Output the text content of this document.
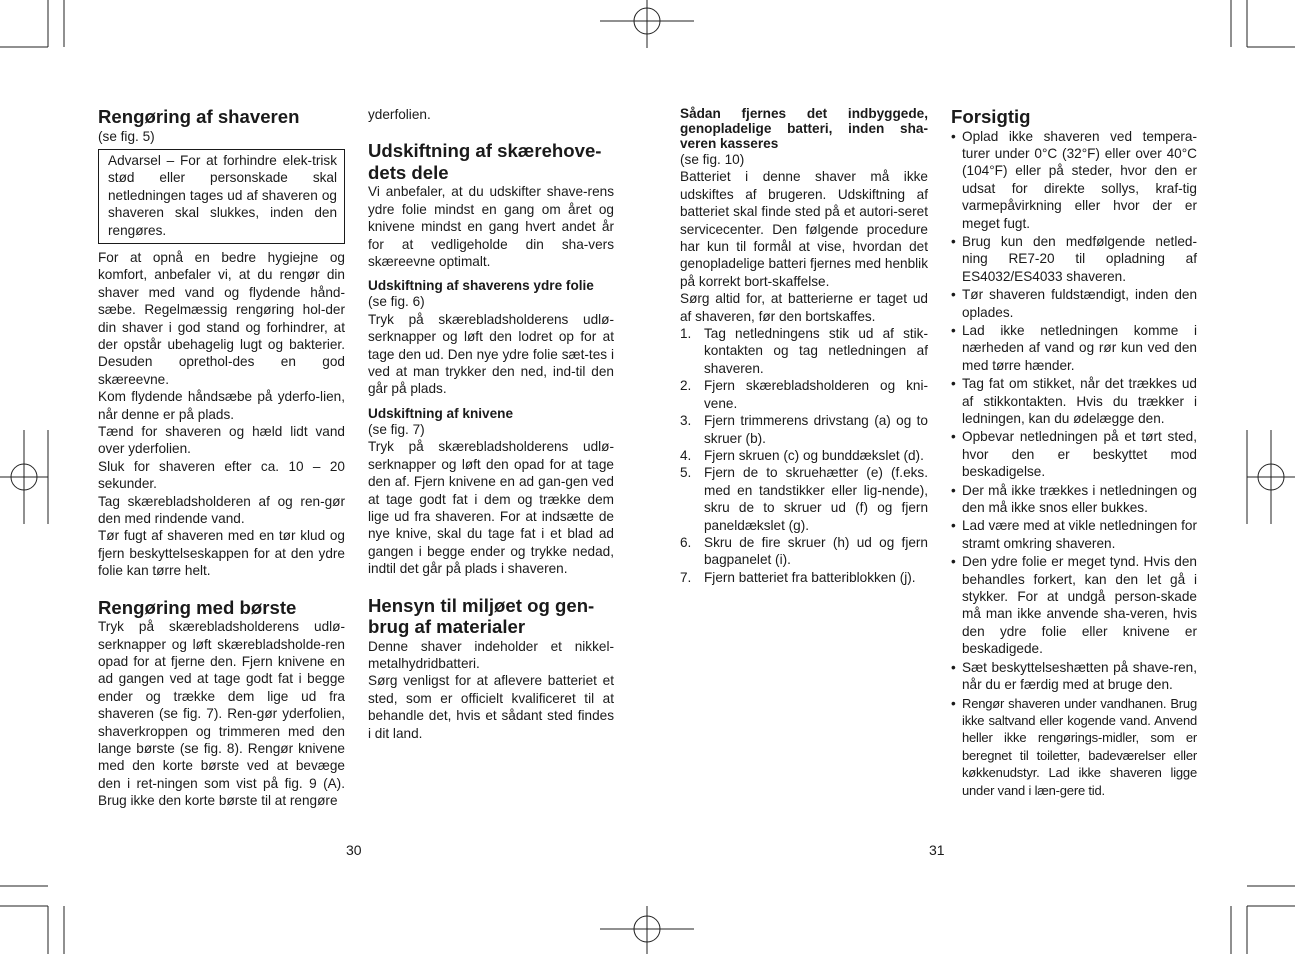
Rengøring af shaveren

(se fig. 5)

Advarsel – For at forhindre elek-trisk stød eller personskade skal netledningen tages ud af shaveren og shaveren skal slukkes, inden den rengøres.

For at opnå en bedre hygiejne og komfort, anbefaler vi, at du rengør din shaver med vand og flydende hånd-sæbe. Regelmæssig rengøring hol-der din shaver i god stand og forhindrer, at der opstår ubehagelig lugt og bakterier. Desuden oprethol-des en god skæreevne.

Kom flydende håndsæbe på yderfo-lien, når denne er på plads.

Tænd for shaveren og hæld lidt vand over yderfolien.

Sluk for shaveren efter ca. 10 – 20 sekunder.

Tag skærebladsholderen af og ren-gør den med rindende vand.

Tør fugt af shaveren med en tør klud og fjern beskyttelseskappen for at den ydre folie kan tørre helt.

Rengøring med børste

Tryk på skærebladsholderens udlø-serknapper og løft skærebladsholde-ren opad for at fjerne den. Fjern knivene en ad gangen ved at tage godt fat i begge ender og trække dem lige ud fra shaveren (se fig. 7). Ren-gør yderfolien, shaverkroppen og trimmeren med den lange børste (se fig. 8). Rengør knivene med den korte børste ved at bevæge den i ret-ningen som vist på fig. 9 (A). Brug ikke den korte børste til at rengøre

yderfolien.

Udskiftning af skærehove-dets dele

Vi anbefaler, at du udskifter shave-rens ydre folie mindst en gang om året og knivene mindst en gang hvert andet år for at vedligeholde din sha-vers skæreevne optimalt.

Udskiftning af shaverens ydre folie

(se fig. 6)

Tryk på skærebladsholderens udlø-serknapper og løft den lodret op for at tage den ud. Den nye ydre folie sæt-tes i ved at man trykker den ned, ind-til den går på plads.

Udskiftning af knivene

(se fig. 7)

Tryk på skærebladsholderens udlø-serknapper og løft den opad for at tage den af. Fjern knivene en ad gan-gen ved at tage godt fat i dem og trække dem lige ud fra shaveren. For at indsætte de nye knive, skal du tage fat i et blad ad gangen i begge ender og trykke nedad, indtil det går på plads i shaveren.

Hensyn til miljøet og gen-brug af materialer

Denne shaver indeholder et nikkel-metalhydridbatteri.

Sørg venligst for at aflevere batteriet et sted, som er officielt kvalificeret til at behandle det, hvis et sådant sted findes i dit land.

Sådan fjernes det indbyggede, genopladelige batteri, inden sha-veren kasseres

(se fig. 10)

Batteriet i denne shaver må ikke udskiftes af brugeren. Udskiftning af batteriet skal finde sted på et autori-seret servicecenter. Den følgende procedure har kun til formål at vise, hvordan det genopladelige batteri fjernes med henblik på korrekt bort-skaffelse.

Sørg altid for, at batterierne er taget ud af shaveren, før den bortskaffes.

1. Tag netledningens stik ud af stik-kontakten og tag netledningen af shaveren.
2. Fjern skærebladsholderen og kni-vene.
3. Fjern trimmerens drivstang (a) og to skruer (b).
4. Fjern skruen (c) og bunddækslet (d).
5. Fjern de to skruehætter (e) (f.eks. med en tandstikker eller lig-nende), skru de to skruer ud (f) og fjern paneldækslet (g).
6. Skru de fire skruer (h) ud og fjern bagpanelet (i).
7. Fjern batteriet fra batteriblokken (j).
Forsigtig
• Oplad ikke shaveren ved tempera-turer under 0°C (32°F) eller over 40°C (104°F) eller på steder, hvor den er udsat for direkte sollys, kraf-tig varmepåvirkning eller hvor der er meget fugt.
• Brug kun den medfølgende netled-ning RE7-20 til opladning af ES4032/ES4033 shaveren.
• Tør shaveren fuldstændigt, inden den oplades.
• Lad ikke netledningen komme i nærheden af vand og rør kun ved den med tørre hænder.
• Tag fat om stikket, når det trækkes ud af stikkontakten. Hvis du trækker i ledningen, kan du ødelægge den.
• Opbevar netledningen på et tørt sted, hvor den er beskyttet mod beskadigelse.
• Der må ikke trækkes i netledningen og den må ikke snos eller bukkes.
• Lad være med at vikle netledningen for stramt omkring shaveren.
• Den ydre folie er meget tynd. Hvis den behandles forkert, kan den let gå i stykker. For at undgå person-skade må man ikke anvende sha-veren, hvis den ydre folie eller knivene er beskadigede.
• Sæt beskyttelseshætten på shave-ren, når du er færdig med at bruge den.
• Rengør shaveren under vandhanen. Brug ikke saltvand eller kogende vand. Anvend heller ikke rengørings-midler, som er beregnet til toiletter, badeværelser eller køkkenudstyr. Lad ikke shaveren ligge under vand i læn-gere tid.
30	31
